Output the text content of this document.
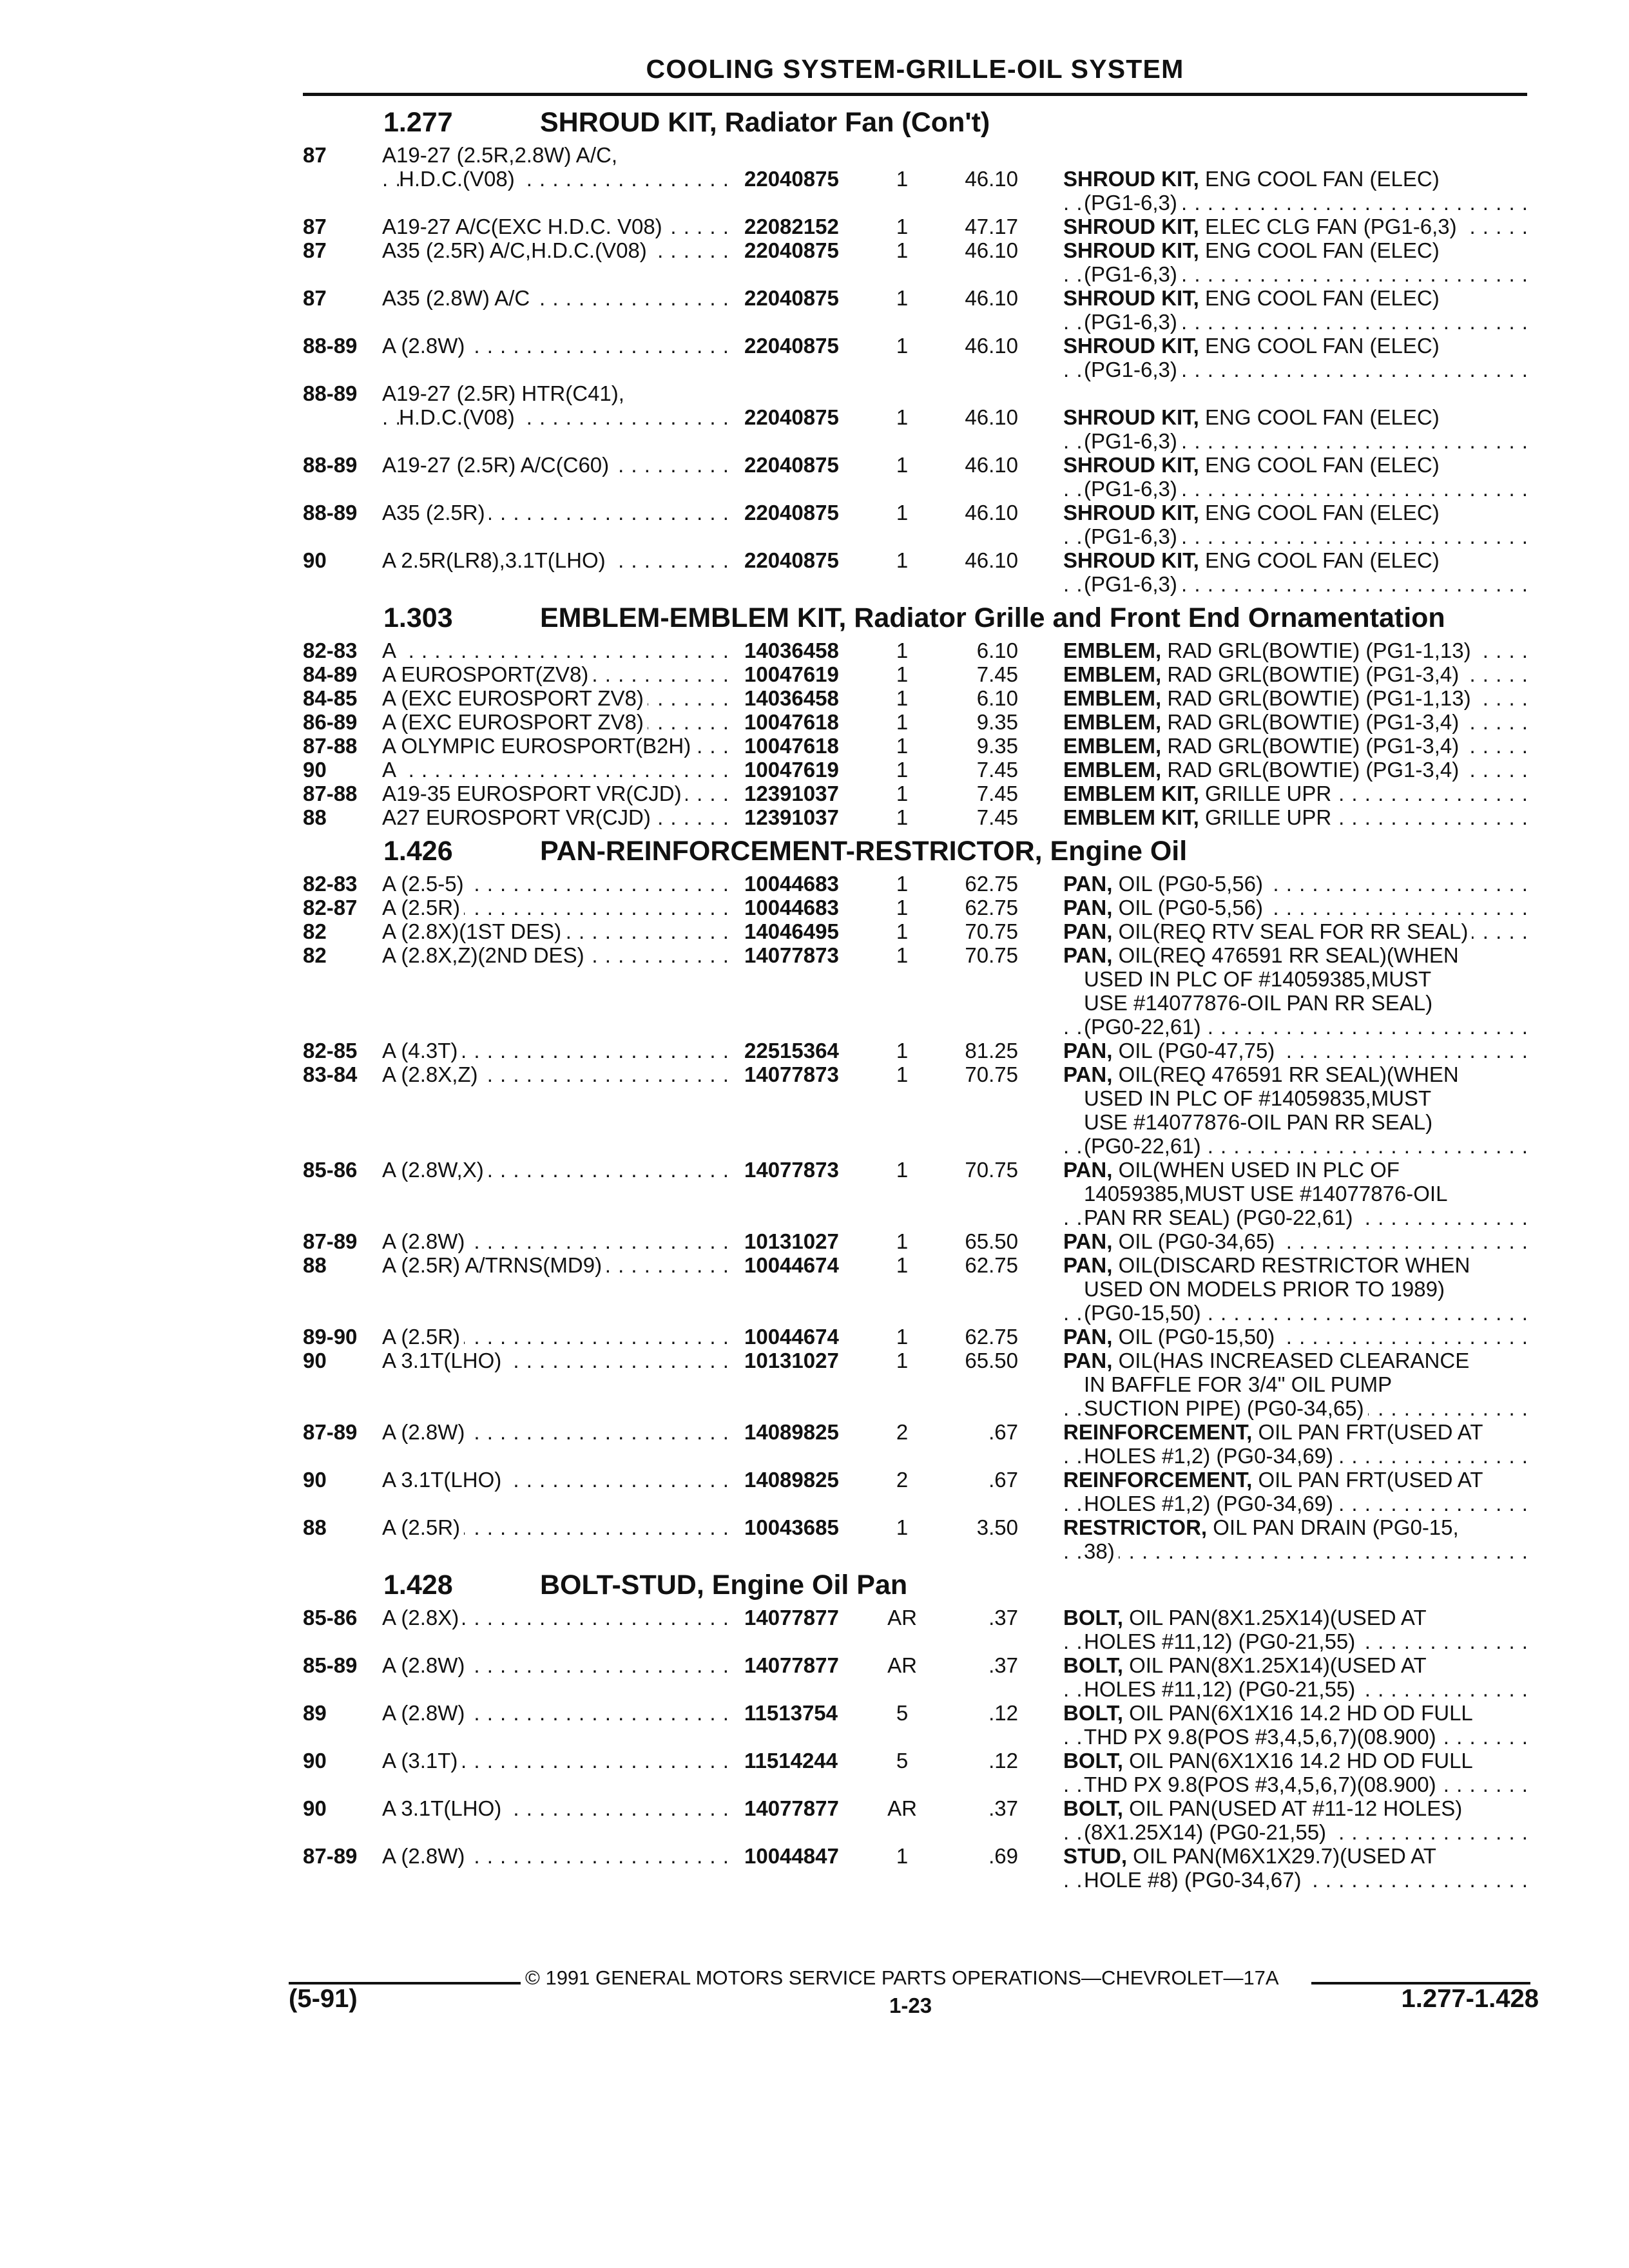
COOLING SYSTEM-GRILLE-OIL SYSTEM
1.277	SHROUD KIT, Radiator Fan (Con't)
87	A19-27 (2.5R,2.8W) A/C,
H.D.C.(V08) . . .	22040875	1	46.10 SHROUD KIT, ENG COOL FAN (ELEC)
(PG1-6,3) . . .
87	A19-27 A/C(EXC H.D.C. V08) . . .	22082152	1	47.17 SHROUD KIT, ELEC CLG FAN (PG1-6,3) . . .
87	A35 (2.5R) A/C,H.D.C.(V08) . . .	22040875	1	46.10 SHROUD KIT, ENG COOL FAN (ELEC)
(PG1-6,3) . . .
87	A35 (2.8W) A/C . . .	22040875	1	46.10 SHROUD KIT, ENG COOL FAN (ELEC)
(PG1-6,3) . . .
88-89	A (2.8W) . . .	22040875	1	46.10 SHROUD KIT, ENG COOL FAN (ELEC)
(PG1-6,3) . . .
88-89	A19-27 (2.5R) HTR(C41),
H.D.C.(V08) . . .	22040875	1	46.10 SHROUD KIT, ENG COOL FAN (ELEC)
(PG1-6,3) . . .
88-89	A19-27 (2.5R) A/C(C60) . . .	22040875	1	46.10 SHROUD KIT, ENG COOL FAN (ELEC)
(PG1-6,3) . . .
88-89	A35 (2.5R) . . .	22040875	1	46.10 SHROUD KIT, ENG COOL FAN (ELEC)
(PG1-6,3) . . .
90	A 2.5R(LR8),3.1T(LHO) . . .	22040875	1	46.10 SHROUD KIT, ENG COOL FAN (ELEC)
(PG1-6,3) . . .
1.303	EMBLEM-EMBLEM KIT, Radiator Grille and Front End Ornamentation
82-83	A . . .	14036458	1	6.10 EMBLEM, RAD GRL(BOWTIE) (PG1-1,13) . . .
84-89	A EUROSPORT(ZV8) . . .	10047619	1	7.45 EMBLEM, RAD GRL(BOWTIE) (PG1-3,4) . . .
84-85	A (EXC EUROSPORT ZV8) . . .	14036458	1	6.10 EMBLEM, RAD GRL(BOWTIE) (PG1-1,13) . . .
86-89	A (EXC EUROSPORT ZV8) . . .	10047618	1	9.35 EMBLEM, RAD GRL(BOWTIE) (PG1-3,4) . . .
87-88	A OLYMPIC EUROSPORT(B2H) . . .	10047618	1	9.35 EMBLEM, RAD GRL(BOWTIE) (PG1-3,4) . . .
90	A . . .	10047619	1	7.45 EMBLEM, RAD GRL(BOWTIE) (PG1-3,4) . . .
87-88	A19-35 EUROSPORT VR(CJD) . . .	12391037	1	7.45 EMBLEM KIT, GRILLE UPR . . .
88	A27 EUROSPORT VR(CJD) . . .	12391037	1	7.45 EMBLEM KIT, GRILLE UPR . . .
1.426	PAN-REINFORCEMENT-RESTRICTOR, Engine Oil
82-83	A (2.5-5) . . .	10044683	1	62.75 PAN, OIL (PG0-5,56) . . .
82-87	A (2.5R) . . .	10044683	1	62.75 PAN, OIL (PG0-5,56) . . .
82	A (2.8X)(1ST DES) . . .	14046495	1	70.75 PAN, OIL(REQ RTV SEAL FOR RR SEAL) . . .
82	A (2.8X,Z)(2ND DES) . . .	14077873	1	70.75 PAN, OIL(REQ 476591 RR SEAL)(WHEN
USED IN PLC OF #14059385,MUST
USE #14077876-OIL PAN RR SEAL)
(PG0-22,61) . . .
82-85	A (4.3T) . . .	22515364	1	81.25 PAN, OIL (PG0-47,75) . . .
83-84	A (2.8X,Z) . . .	14077873	1	70.75 PAN, OIL(REQ 476591 RR SEAL)(WHEN
USED IN PLC OF #14059835,MUST
USE #14077876-OIL PAN RR SEAL)
(PG0-22,61) . . .
85-86	A (2.8W,X) . . .	14077873	1	70.75 PAN, OIL(WHEN USED IN PLC OF
14059385,MUST USE #14077876-OIL
PAN RR SEAL) (PG0-22,61) . . .
87-89	A (2.8W) . . .	10131027	1	65.50 PAN, OIL (PG0-34,65) . . .
88	A (2.5R) A/TRNS(MD9) . . .	10044674	1	62.75 PAN, OIL(DISCARD RESTRICTOR WHEN
USED ON MODELS PRIOR TO 1989)
(PG0-15,50) . . .
89-90	A (2.5R) . . .	10044674	1	62.75 PAN, OIL (PG0-15,50) . . .
90	A 3.1T(LHO) . . .	10131027	1	65.50 PAN, OIL(HAS INCREASED CLEARANCE
IN BAFFLE FOR 3/4" OIL PUMP
SUCTION PIPE) (PG0-34,65) . . .
87-89	A (2.8W) . . .	14089825	2	.67 REINFORCEMENT, OIL PAN FRT(USED AT
HOLES #1,2) (PG0-34,69) . . .
90	A 3.1T(LHO) . . .	14089825	2	.67 REINFORCEMENT, OIL PAN FRT(USED AT
HOLES #1,2) (PG0-34,69) . . .
88	A (2.5R) . . .	10043685	1	3.50 RESTRICTOR, OIL PAN DRAIN (PG0-15,
38) . . .
1.428	BOLT-STUD, Engine Oil Pan
85-86	A (2.8X) . . .	14077877	AR	.37 BOLT, OIL PAN(8X1.25X14)(USED AT
HOLES #11,12) (PG0-21,55) . . .
85-89	A (2.8W) . . .	14077877	AR	.37 BOLT, OIL PAN(8X1.25X14)(USED AT
HOLES #11,12) (PG0-21,55) . . .
89	A (2.8W) . . .	11513754	5	.12 BOLT, OIL PAN(6X1X16 14.2 HD OD FULL
THD PX 9.8(POS #3,4,5,6,7)(08.900) . . .
90	A (3.1T) . . .	11514244	5	.12 BOLT, OIL PAN(6X1X16 14.2 HD OD FULL
THD PX 9.8(POS #3,4,5,6,7)(08.900) . . .
90	A 3.1T(LHO) . . .	14077877	AR	.37 BOLT, OIL PAN(USED AT #11-12 HOLES)
(8X1.25X14) (PG0-21,55) . . .
87-89	A (2.8W) . . .	10044847	1	.69 STUD, OIL PAN(M6X1X29.7)(USED AT
HOLE #8) (PG0-34,67) . . .
© 1991 GENERAL MOTORS SERVICE PARTS OPERATIONS—CHEVROLET—17A
(5-91)	1-23	1.277-1.428
